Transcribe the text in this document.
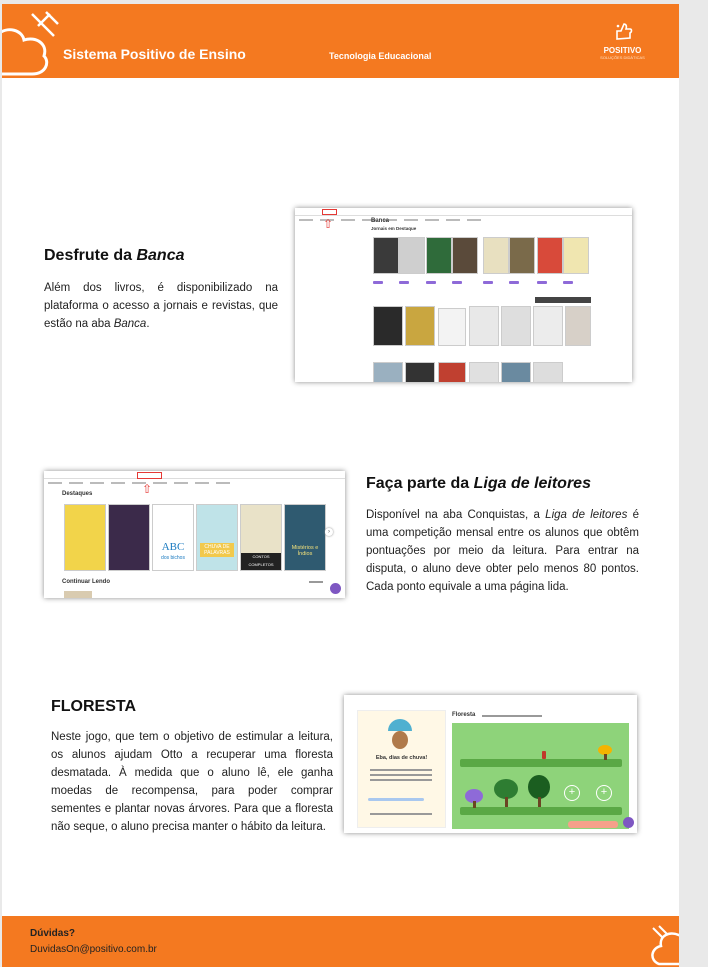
Sistema Positivo de Ensino	Tecnologia Educacional
POSITIVO
SOLUÇÕES DIDÁTICAS
Desfrute da Banca

Além dos livros, é disponibilizado na plataforma o acesso a jornais e revistas, que estão na aba Banca.

⇧	Banca
Jornais em Destaque
⇧
Destaques
ABC
dos bichos
CHUVA DE PALAVRAS
CONTOS COMPLETOS
Mistérios e Índios
›
Continuar Lendo
Faça parte da Liga de leitores

Disponível na aba Conquistas, a Liga de leitores é uma competição mensal entre os alunos que obtêm pontuações por meio da leitura. Para entrar na disputa, o aluno deve obter pelo menos 80 pontos. Cada ponto equivale a uma página lida.

FLORESTA

Neste jogo, que tem o objetivo de estimular a leitura, os alunos ajudam Otto a recuperar uma floresta desmatada. À medida que o aluno lê, ele ganha moedas de recompensa, para poder comprar sementes e plantar novas árvores. Para que a floresta não seque, o aluno precisa manter o hábito da leitura.

Eba, dias de chuva!
Floresta
+	+
Dúvidas?
DuvidasOn@positivo.com.br
